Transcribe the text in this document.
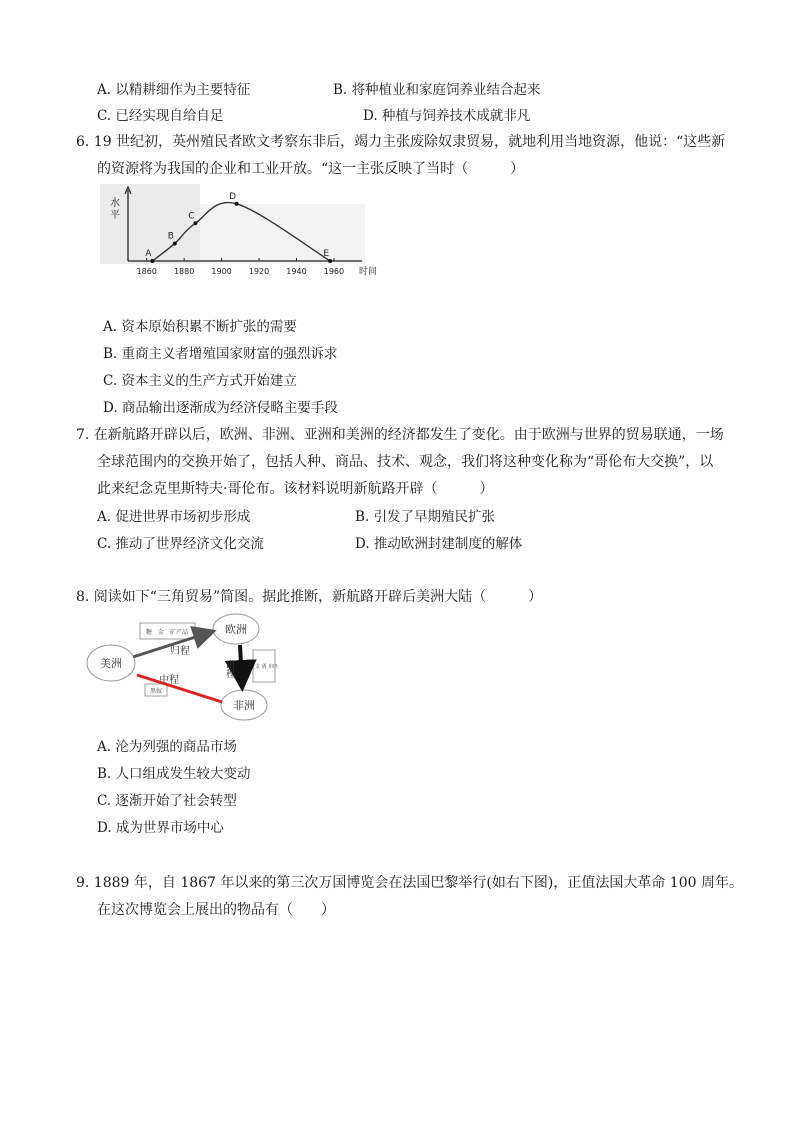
A. 以精耕细作为主要特征	B. 将种植业和家庭饲养业结合起来
C. 已经实现自给自足	D. 种植与饲养技术成就非凡
6. 19 世纪初，英州殖民者欧文考察东非后，竭力主张废除奴隶贸易，就地利用当地资源，他说：“这些新
的资源将为我国的企业和工业开放。“这一主张反映了当时（　　　）
水
平
1860 1880 1900 1920 1940 1960 时间
A
B
C
D
E
A. 资本原始积累不断扩张的需要
B. 重商主义者增殖国家财富的强烈诉求
C. 资本主义的生产方式开始建立
D. 商品输出逐渐成为经济侵略主要手段
7. 在新航路开辟以后，欧洲、非洲、亚洲和美洲的经济都发生了变化。由于欧洲与世界的贸易联通，一场
全球范围内的交换开始了，包括人种、商品、技术、观念，我们将这种变化称为“哥伦布大交换”，以
此来纪念克里斯特夫·哥伦布。该材料说明新航路开辟（　　　）
A. 促进世界市场初步形成	B. 引发了早期殖民扩张
C. 推动了世界经济文化交流	D. 推动欧洲封建制度的解体
8. 阅读如下“三角贸易”简图。据此推断，新航路开辟后美洲大陆（　　　）
美洲
欧洲
非洲
糖　金　矿产品
枪支 酒 布匹
黑奴
归程
出程
中程
A. 沦为列强的商品市场
B. 人口组成发生较大变动
C. 逐渐开始了社会转型
D. 成为世界市场中心
9. 1889 年，自 1867 年以来的第三次万国博览会在法国巴黎举行(如右下图)，正值法国大革命 100 周年。
在这次博览会上展出的物品有（　　）
